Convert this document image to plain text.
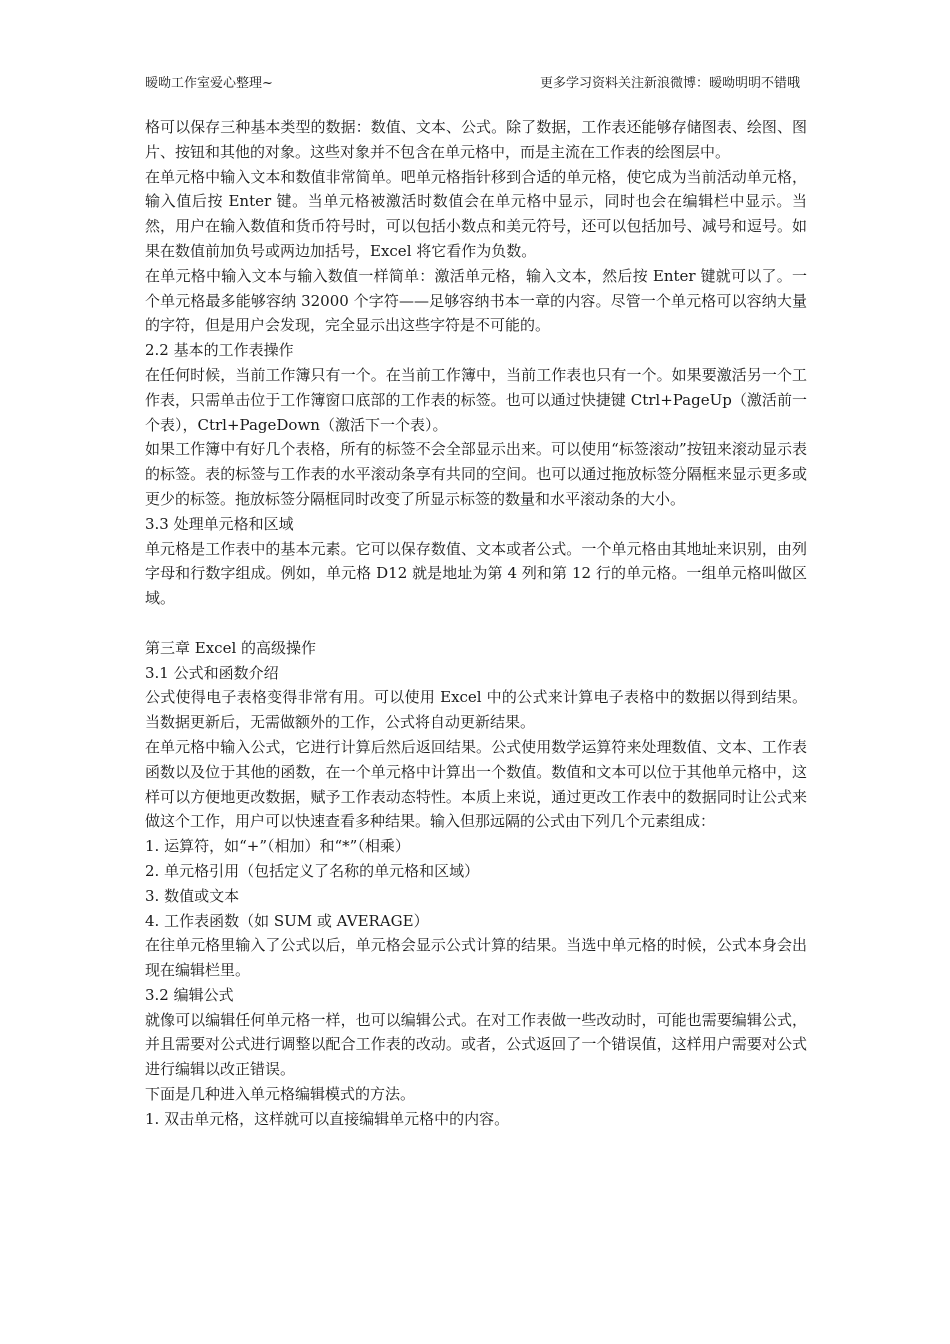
暧呦工作室爱心整理~	更多学习资料关注新浪微博：暧呦明明不错哦

格可以保存三种基本类型的数据：数值、文本、公式。除了数据，工作表还能够存储图表、绘图、图片、按钮和其他的对象。这些对象并不包含在单元格中，而是主流在工作表的绘图层中。

在单元格中输入文本和数值非常简单。吧单元格指针移到合适的单元格，使它成为当前活动单元格，输入值后按 Enter 键。当单元格被激活时数值会在单元格中显示，同时也会在编辑栏中显示。当然，用户在输入数值和货币符号时，可以包括小数点和美元符号，还可以包括加号、减号和逗号。如果在数值前加负号或两边加括号，Excel 将它看作为负数。

在单元格中输入文本与输入数值一样简单：激活单元格，输入文本，然后按 Enter 键就可以了。一个单元格最多能够容纳 32000 个字符——足够容纳书本一章的内容。尽管一个单元格可以容纳大量的字符，但是用户会发现，完全显示出这些字符是不可能的。

2.2 基本的工作表操作

在任何时候，当前工作簿只有一个。在当前工作簿中，当前工作表也只有一个。如果要激活另一个工作表，只需单击位于工作簿窗口底部的工作表的标签。也可以通过快捷键 Ctrl+PageUp（激活前一个表），Ctrl+PageDown（激活下一个表）。

如果工作簿中有好几个表格，所有的标签不会全部显示出来。可以使用“标签滚动”按钮来滚动显示表的标签。表的标签与工作表的水平滚动条享有共同的空间。也可以通过拖放标签分隔框来显示更多或更少的标签。拖放标签分隔框同时改变了所显示标签的数量和水平滚动条的大小。

3.3 处理单元格和区域

单元格是工作表中的基本元素。它可以保存数值、文本或者公式。一个单元格由其地址来识别，由列字母和行数字组成。例如，单元格 D12 就是地址为第 4 列和第 12 行的单元格。一组单元格叫做区域。

第三章 Excel 的高级操作

3.1 公式和函数介绍

公式使得电子表格变得非常有用。可以使用 Excel 中的公式来计算电子表格中的数据以得到结果。当数据更新后，无需做额外的工作，公式将自动更新结果。

在单元格中输入公式，它进行计算后然后返回结果。公式使用数学运算符来处理数值、文本、工作表函数以及位于其他的函数，在一个单元格中计算出一个数值。数值和文本可以位于其他单元格中，这样可以方便地更改数据，赋予工作表动态特性。本质上来说，通过更改工作表中的数据同时让公式来做这个工作，用户可以快速查看多种结果。输入但那远隔的公式由下列几个元素组成：

1. 运算符，如“+”（相加）和“*”（相乘）

2. 单元格引用（包括定义了名称的单元格和区域）

3. 数值或文本

4. 工作表函数（如 SUM 或 AVERAGE）

在往单元格里输入了公式以后，单元格会显示公式计算的结果。当选中单元格的时候，公式本身会出现在编辑栏里。

3.2 编辑公式

就像可以编辑任何单元格一样，也可以编辑公式。在对工作表做一些改动时，可能也需要编辑公式，并且需要对公式进行调整以配合工作表的改动。或者，公式返回了一个错误值，这样用户需要对公式进行编辑以改正错误。

下面是几种进入单元格编辑模式的方法。

1. 双击单元格，这样就可以直接编辑单元格中的内容。
